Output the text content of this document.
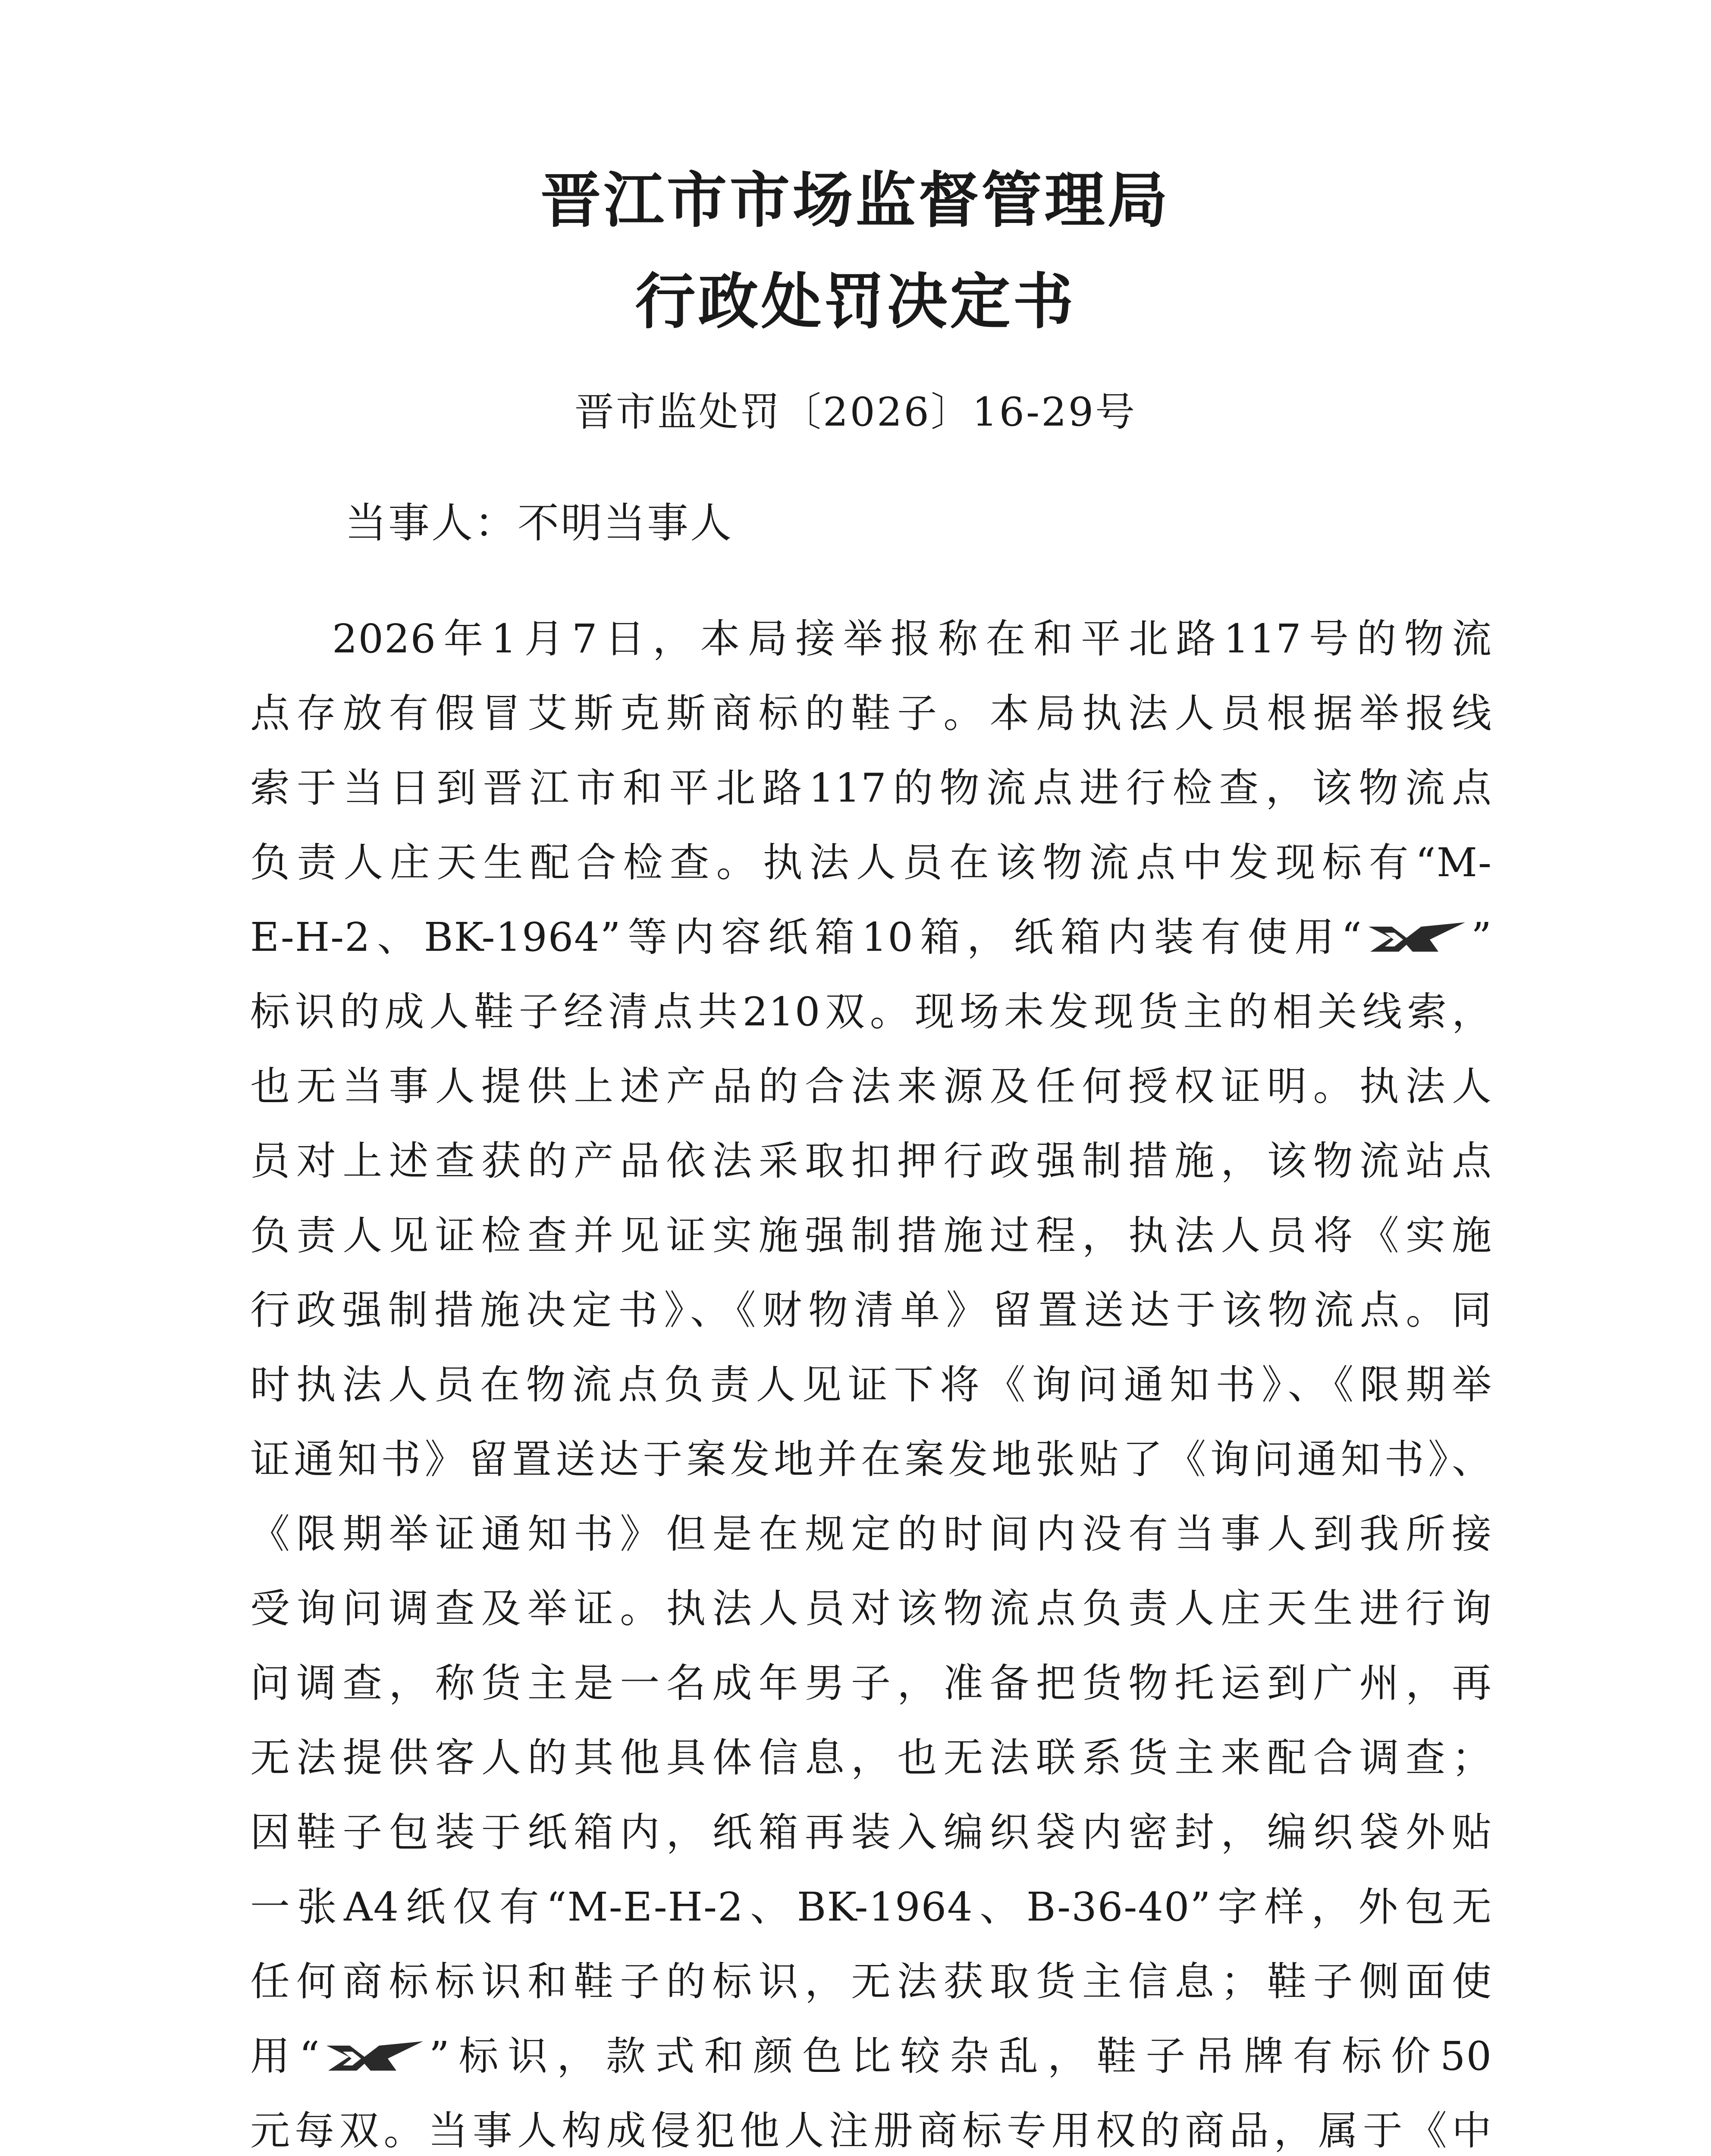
晋江市市场监督管理局
行政处罚决定书
晋市监处罚〔2026〕16-29号
当事人：不明当事人
2026年1月7日，本局接举报称在和平北路117号的物流
点存放有假冒艾斯克斯商标的鞋子。本局执法人员根据举报线
索于当日到晋江市和平北路117的物流点进行检查，该物流点
负责人庄天生配合检查。执法人员在该物流点中发现标有“M-
E-H-2、BK-1964”等内容纸箱10箱，纸箱内装有使用“	”
标识的成人鞋子经清点共210双。现场未发现货主的相关线索，
也无当事人提供上述产品的合法来源及任何授权证明。执法人
员对上述查获的产品依法采取扣押行政强制措施，该物流站点
负责人见证检查并见证实施强制措施过程，执法人员将《实施
行政强制措施决定书》、《财物清单》留置送达于该物流点。同
时执法人员在物流点负责人见证下将《询问通知书》、《限期举
证通知书》留置送达于案发地并在案发地张贴了《询问通知书》、
《限期举证通知书》但是在规定的时间内没有当事人到我所接
受询问调查及举证。执法人员对该物流点负责人庄天生进行询
问调查，称货主是一名成年男子，准备把货物托运到广州，再
无法提供客人的其他具体信息，也无法联系货主来配合调查；
因鞋子包装于纸箱内，纸箱再装入编织袋内密封，编织袋外贴
一张A4纸仅有“M-E-H-2、BK-1964、B-36-40”字样，外包无
任何商标标识和鞋子的标识，无法获取货主信息；鞋子侧面使
用“	”标识，款式和颜色比较杂乱，鞋子吊牌有标价50
元每双。当事人构成侵犯他人注册商标专用权的商品，属于《中
